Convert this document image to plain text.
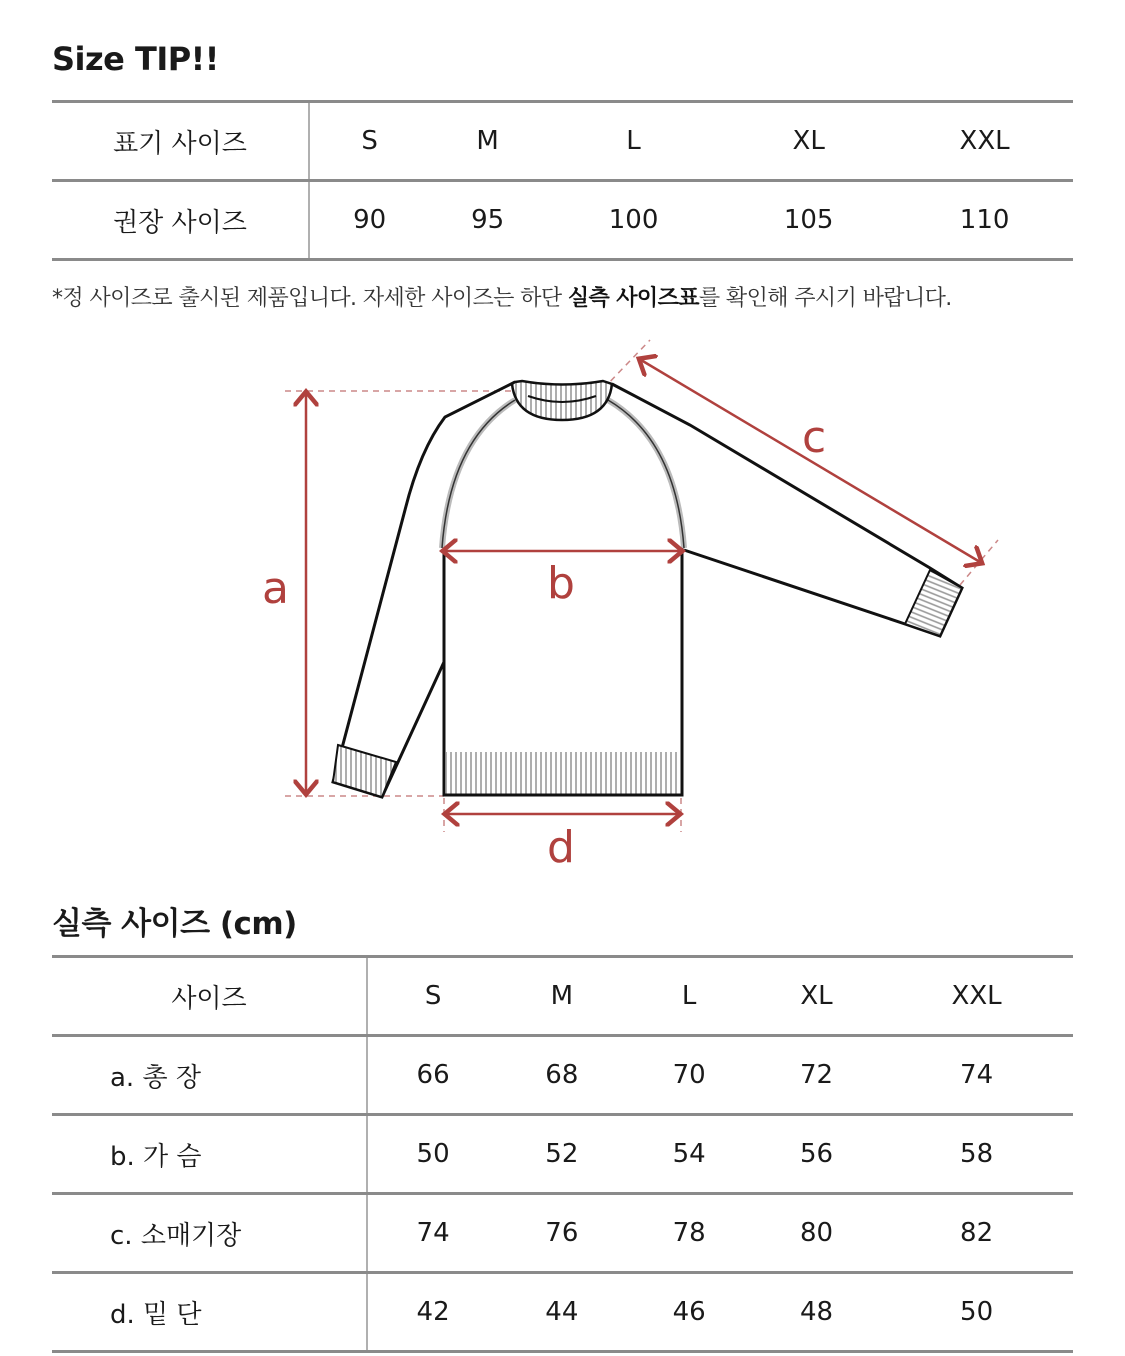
Size TIP!!
표기 사이즈	S	M	L	XL	XXL
권장 사이즈	90	95	100	105	110
*정 사이즈로 출시된 제품입니다. 자세한 사이즈는 하단 실측 사이즈표를 확인해 주시기 바랍니다.
a	b
c
d
실측 사이즈 (cm)
사이즈	S	M	L	XL	XXL
a. 총 장	66	68	70	72	74
b. 가 슴	50	52	54	56	58
c. 소매기장	74	76	78	80	82
d. 밑 단	42	44	46	48	50
